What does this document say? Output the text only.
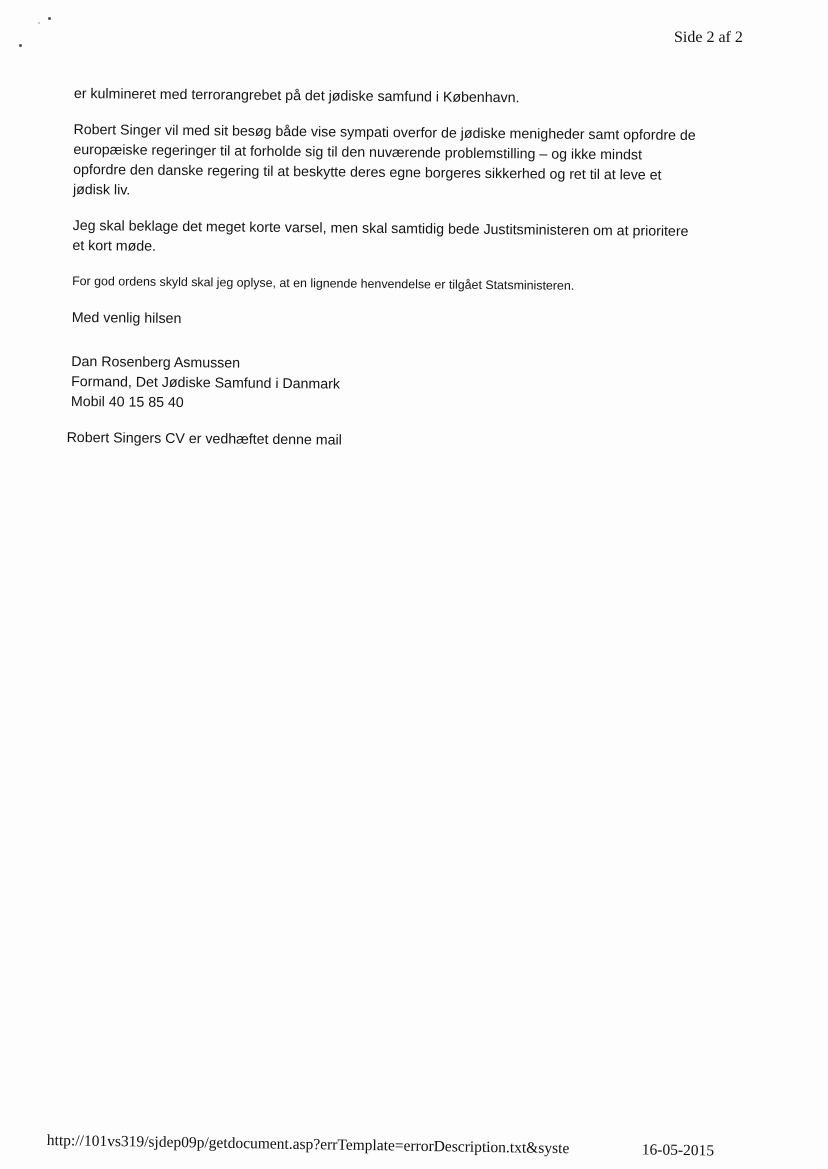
Side 2 af 2

er kulmineret med terrorangrebet på det jødiske samfund i København.

Robert Singer vil med sit besøg både vise sympati overfor de jødiske menigheder samt opfordre de
europæiske regeringer til at forholde sig til den nuværende problemstilling – og ikke mindst
opfordre den danske regering til at beskytte deres egne borgeres sikkerhed og ret til at leve et
jødisk liv.

Jeg skal beklage det meget korte varsel, men skal samtidig bede Justitsministeren om at prioritere
et kort møde.

For god ordens skyld skal jeg oplyse, at en lignende henvendelse er tilgået Statsministeren.

Med venlig hilsen

Dan Rosenberg Asmussen
Formand, Det Jødiske Samfund i Danmark
Mobil 40 15 85 40

Robert Singers CV er vedhæftet denne mail

http://101vs319/sjdep09p/getdocument.asp?errTemplate=errorDescription.txt&syste	16-05-2015
